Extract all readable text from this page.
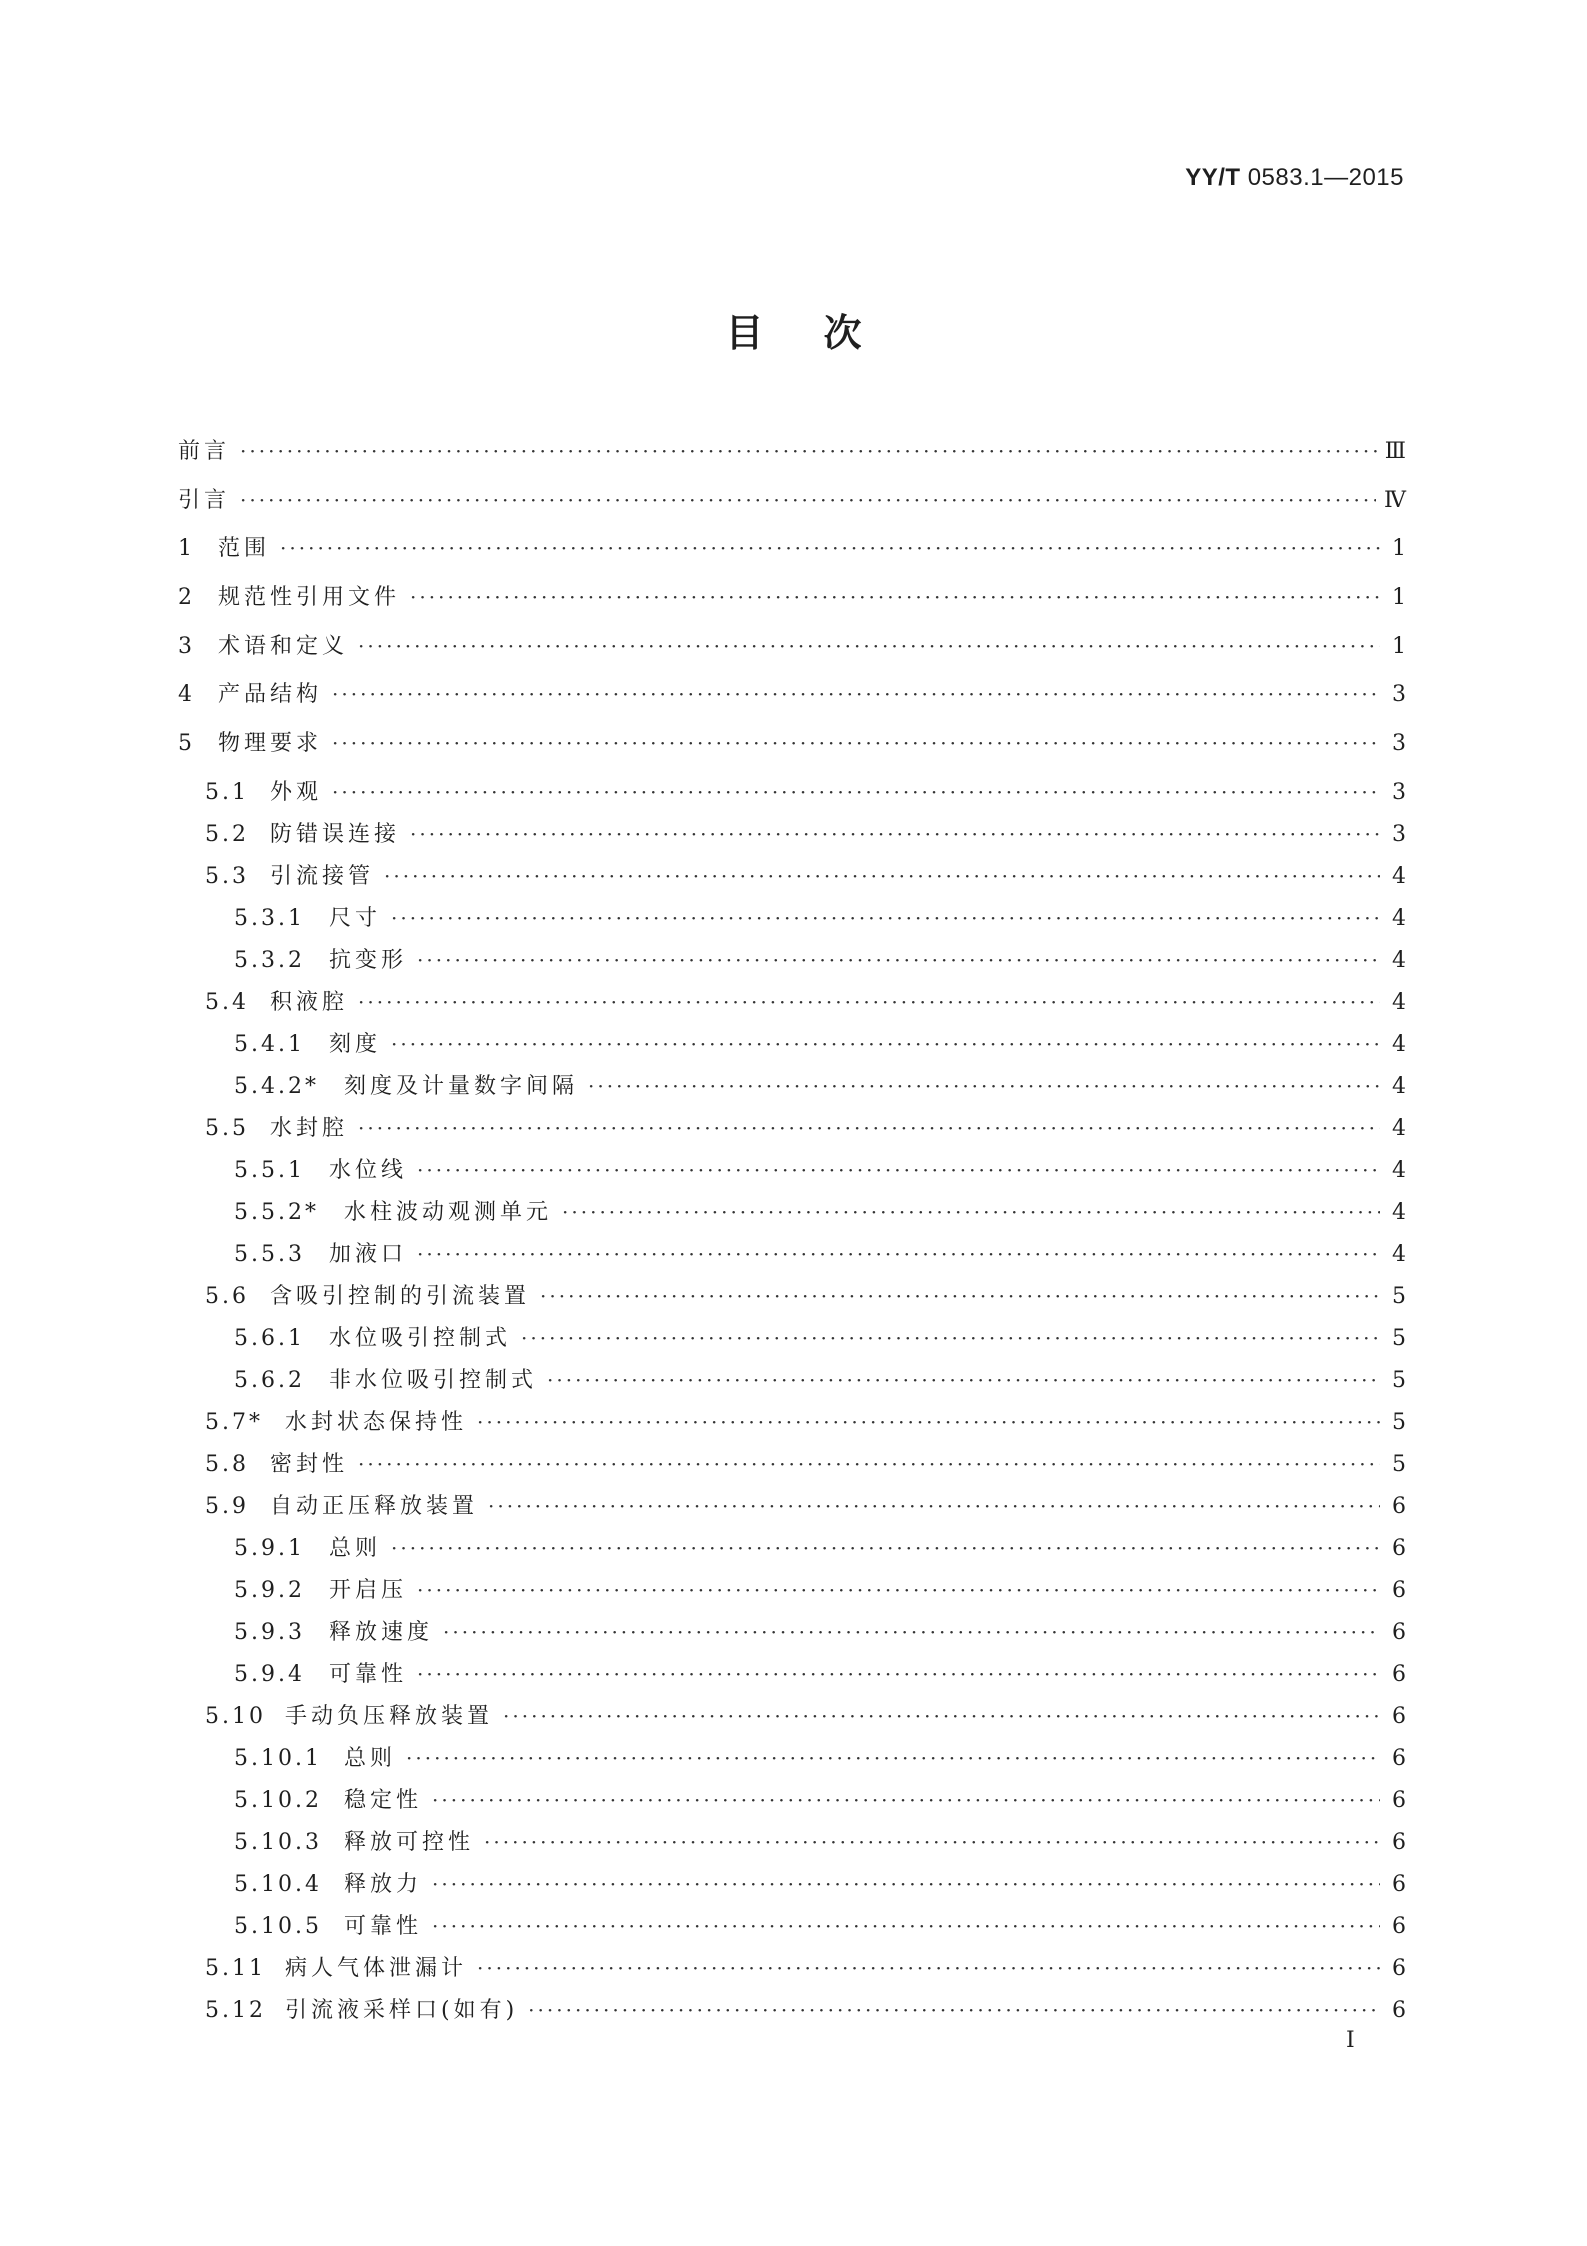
YY/T 0583.1—2015
目次
前言 ·····	Ⅲ
引言 ·····	Ⅳ
1	范围 ·····	1
2	规范性引用文件 ·····	1
3	术语和定义 ·····	1
4	产品结构 ·····	3
5	物理要求 ·····	3
5.1 外观 ·····	3
5.2 防错误连接 ·····	3
5.3 引流接管 ·····	4
5.3.1	尺寸 ·····	4
5.3.2	抗变形 ·····	4
5.4 积液腔 ·····	4
5.4.1	刻度 ·····	4
5.4.2*	刻度及计量数字间隔 ·····	4
5.5 水封腔 ·····	4
5.5.1	水位线 ·····	4
5.5.2*	水柱波动观测单元 ·····	4
5.5.3	加液口 ·····	4
5.6 含吸引控制的引流装置 ·····	5
5.6.1	水位吸引控制式 ·····	5
5.6.2	非水位吸引控制式 ·····	5
5.7*	水封状态保持性 ·····	5
5.8 密封性 ·····	5
5.9 自动正压释放装置 ·····	6
5.9.1	总则 ·····	6
5.9.2	开启压 ·····	6
5.9.3	释放速度 ·····	6
5.9.4	可靠性 ·····	6
5.10 手动负压释放装置 ·····	6
5.10.1	总则 ·····	6
5.10.2	稳定性 ·····	6
5.10.3	释放可控性 ·····	6
5.10.4	释放力 ·····	6
5.10.5	可靠性 ·····	6
5.11 病人气体泄漏计 ·····	6
5.12 引流液采样口(如有) ·····	6
I
